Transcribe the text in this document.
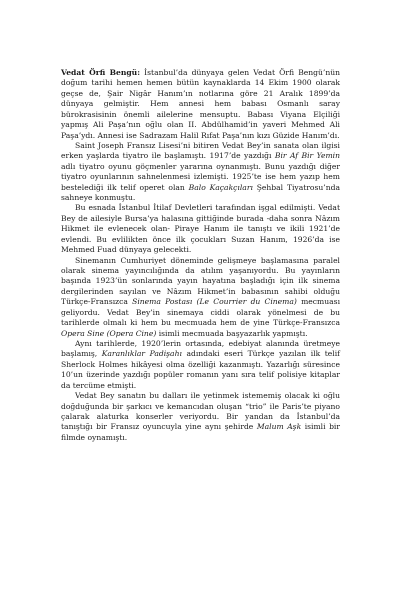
Vedat Örfi Bengü: İstanbul’da dünyaya gelen Vedat Örfi Bengü’nün doğum tarihi hemen hemen bütün kaynaklarda 14 Ekim 1900 olarak geçse de, Şair Nigâr Hanım’ın notlarına göre 21 Aralık 1899’da dünyaya gelmiştir. Hem annesi hem babası Osmanlı saray bürokrasisinin önemli ailelerine mensuptu. Babası Viyana Elçiliği yapmış Ali Paşa’nın oğlu olan II. Abdülhamid’in yaveri Mehmed Ali Paşa’ydı. Annesi ise Sadrazam Halil Rıfat Paşa’nın kızı Güzide Hanım’dı.

Saint Joseph Fransız Lisesi’ni bitiren Vedat Bey’in sanata olan ilgisi erken yaşlarda tiyatro ile başlamıştı. 1917’de yazdığı Bir Af Bir Yemin adlı tiyatro oyunu göçmenler yararına oynanmıştı. Bunu yazdığı diğer tiyatro oyunlarının sahnelenmesi izlemişti. 1925’te ise hem yazıp hem bestelediği ilk telif operet olan Balo Kaçakçıları Şehbal Tiyatrosu’nda sahneye konmuştu.

Bu esnada İstanbul İtilaf Devletleri tarafından işgal edilmişti. Vedat Bey de ailesiyle Bursa’ya halasına gittiğinde burada -daha sonra Nâzım Hikmet ile evlenecek olan- Piraye Hanım ile tanıştı ve ikili 1921’de evlendi. Bu evlilikten önce ilk çocukları Suzan Hanım, 1926’da ise Mehmed Fuad dünyaya gelecekti.

Sinemanın Cumhuriyet döneminde gelişmeye başlamasına paralel olarak sinema yayıncılığında da atılım yaşanıyordu. Bu yayınların başında 1923’ün sonlarında yayın hayatına başladığı için ilk sinema dergilerinden sayılan ve Nâzım Hikmet’in babasının sahibi olduğu Türkçe-Fransızca Sinema Postası (Le Courrier du Cinema) mecmuası geliyordu. Vedat Bey’in sinemaya ciddi olarak yönelmesi de bu tarihlerde olmalı ki hem bu mecmuada hem de yine Türkçe-Fransızca Opera Sine (Opera Cine) isimli mecmuada başyazarlık yapmıştı.

Aynı tarihlerde, 1920’lerin ortasında, edebiyat alanında üretmeye başlamış, Karanlıklar Padişahı adındaki eseri Türkçe yazılan ilk telif Sherlock Holmes hikâyesi olma özelliği kazanmıştı. Yazarlığı süresince 10’un üzerinde yazdığı popüler romanın yanı sıra telif polisiye kitaplar da tercüme etmişti.

Vedat Bey sanatın bu dalları ile yetinmek istememiş olacak ki oğlu doğduğunda bir şarkıcı ve kemancıdan oluşan “trio” ile Paris’te piyano çalarak alaturka konserler veriyordu. Bir yandan da İstanbul’da tanıştığı bir Fransız oyuncuyla yine aynı şehirde Malum Aşk isimli bir filmde oynamıştı.
